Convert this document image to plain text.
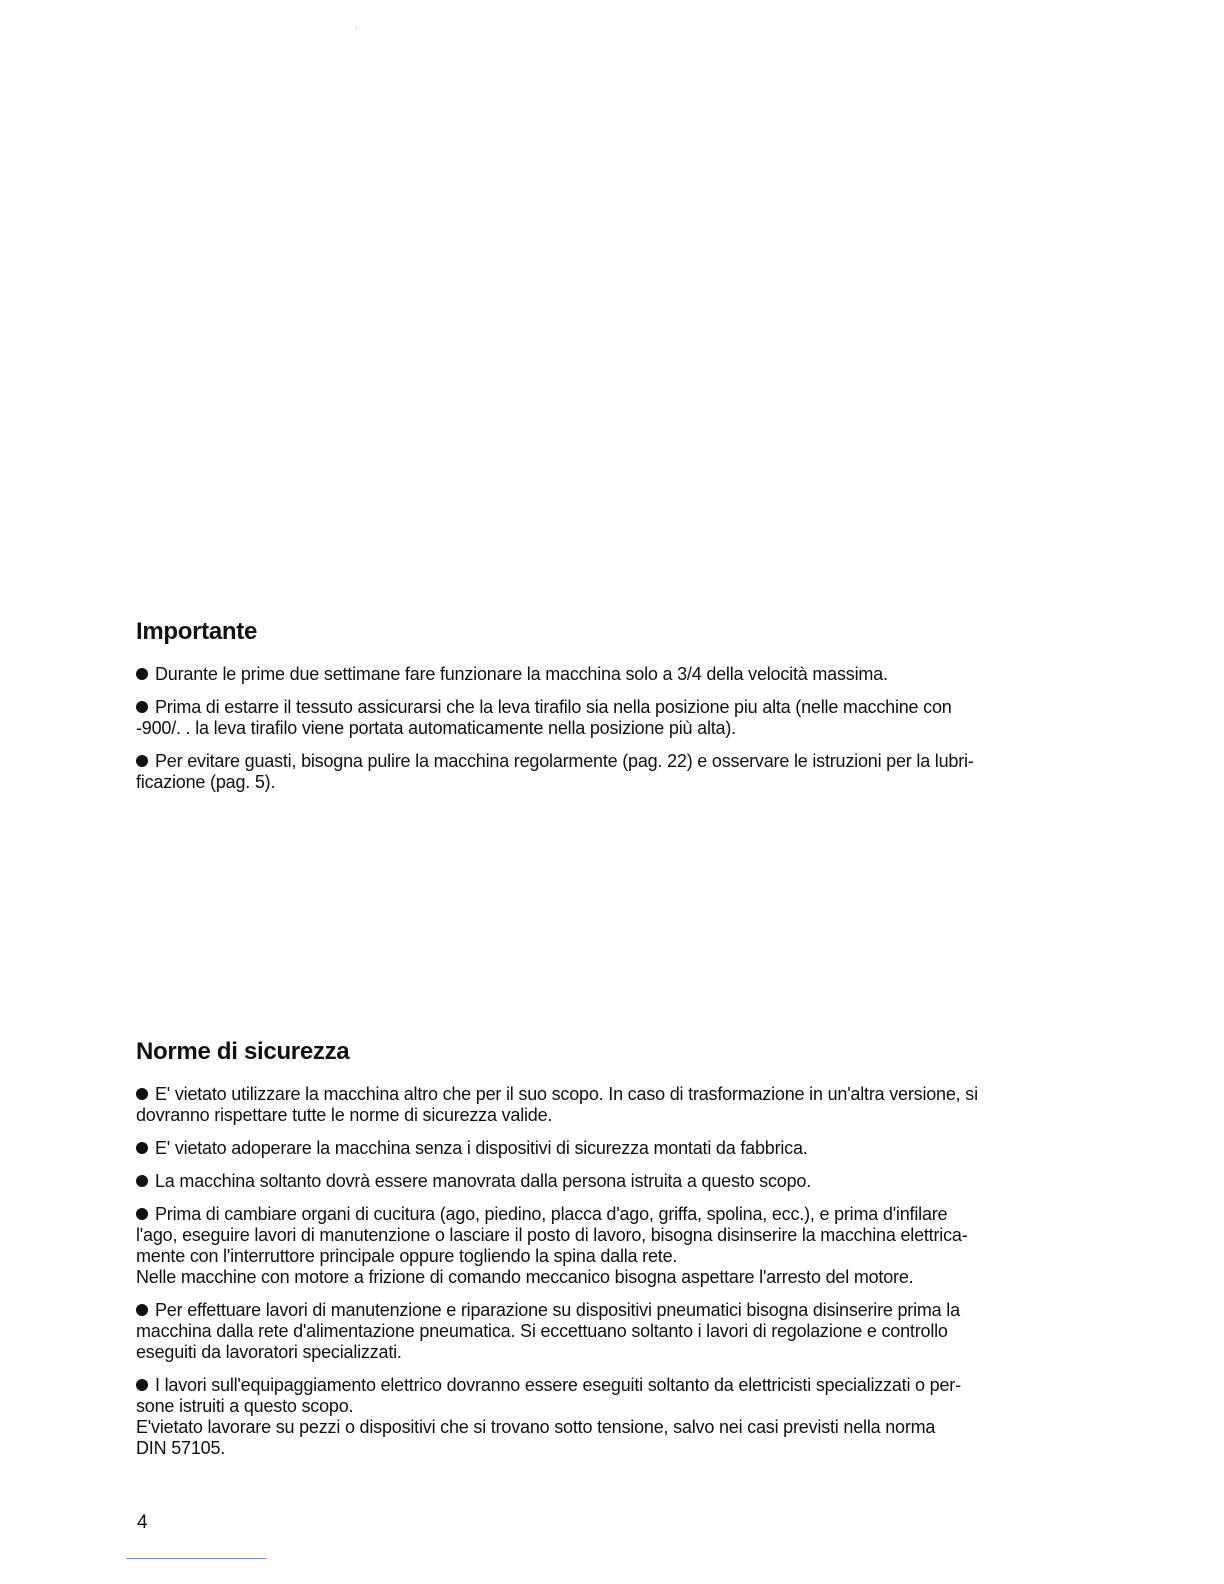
Importante

Durante le prime due settimane fare funzionare la macchina solo a 3/4 della velocità massima.

Prima di estarre il tessuto assicurarsi che la leva tirafilo sia nella posizione piu alta (nelle macchine con
-900/. . la leva tirafilo viene portata automaticamente nella posizione più alta).

Per evitare guasti, bisogna pulire la macchina regolarmente (pag. 22) e osservare le istruzioni per la lubri-
ficazione (pag. 5).

Norme di sicurezza

E' vietato utilizzare la macchina altro che per il suo scopo. In caso di trasformazione in un'altra versione, si
dovranno rispettare tutte le norme di sicurezza valide.

E' vietato adoperare la macchina senza i dispositivi di sicurezza montati da fabbrica.

La macchina soltanto dovrà essere manovrata dalla persona istruita a questo scopo.

Prima di cambiare organi di cucitura (ago, piedino, placca d'ago, griffa, spolina, ecc.), e prima d'infilare
l'ago, eseguire lavori di manutenzione o lasciare il posto di lavoro, bisogna disinserire la macchina elettrica-
mente con l'interruttore principale oppure togliendo la spina dalla rete.
Nelle macchine con motore a frizione di comando meccanico bisogna aspettare l'arresto del motore.

Per effettuare lavori di manutenzione e riparazione su dispositivi pneumatici bisogna disinserire prima la
macchina dalla rete d'alimentazione pneumatica. Si eccettuano soltanto i lavori di regolazione e controllo
eseguiti da lavoratori specializzati.

I lavori sull'equipaggiamento elettrico dovranno essere eseguiti soltanto da elettricisti specializzati o per-
sone istruiti a questo scopo.
E'vietato lavorare su pezzi o dispositivi che si trovano sotto tensione, salvo nei casi previsti nella norma
DIN 57105.

4
